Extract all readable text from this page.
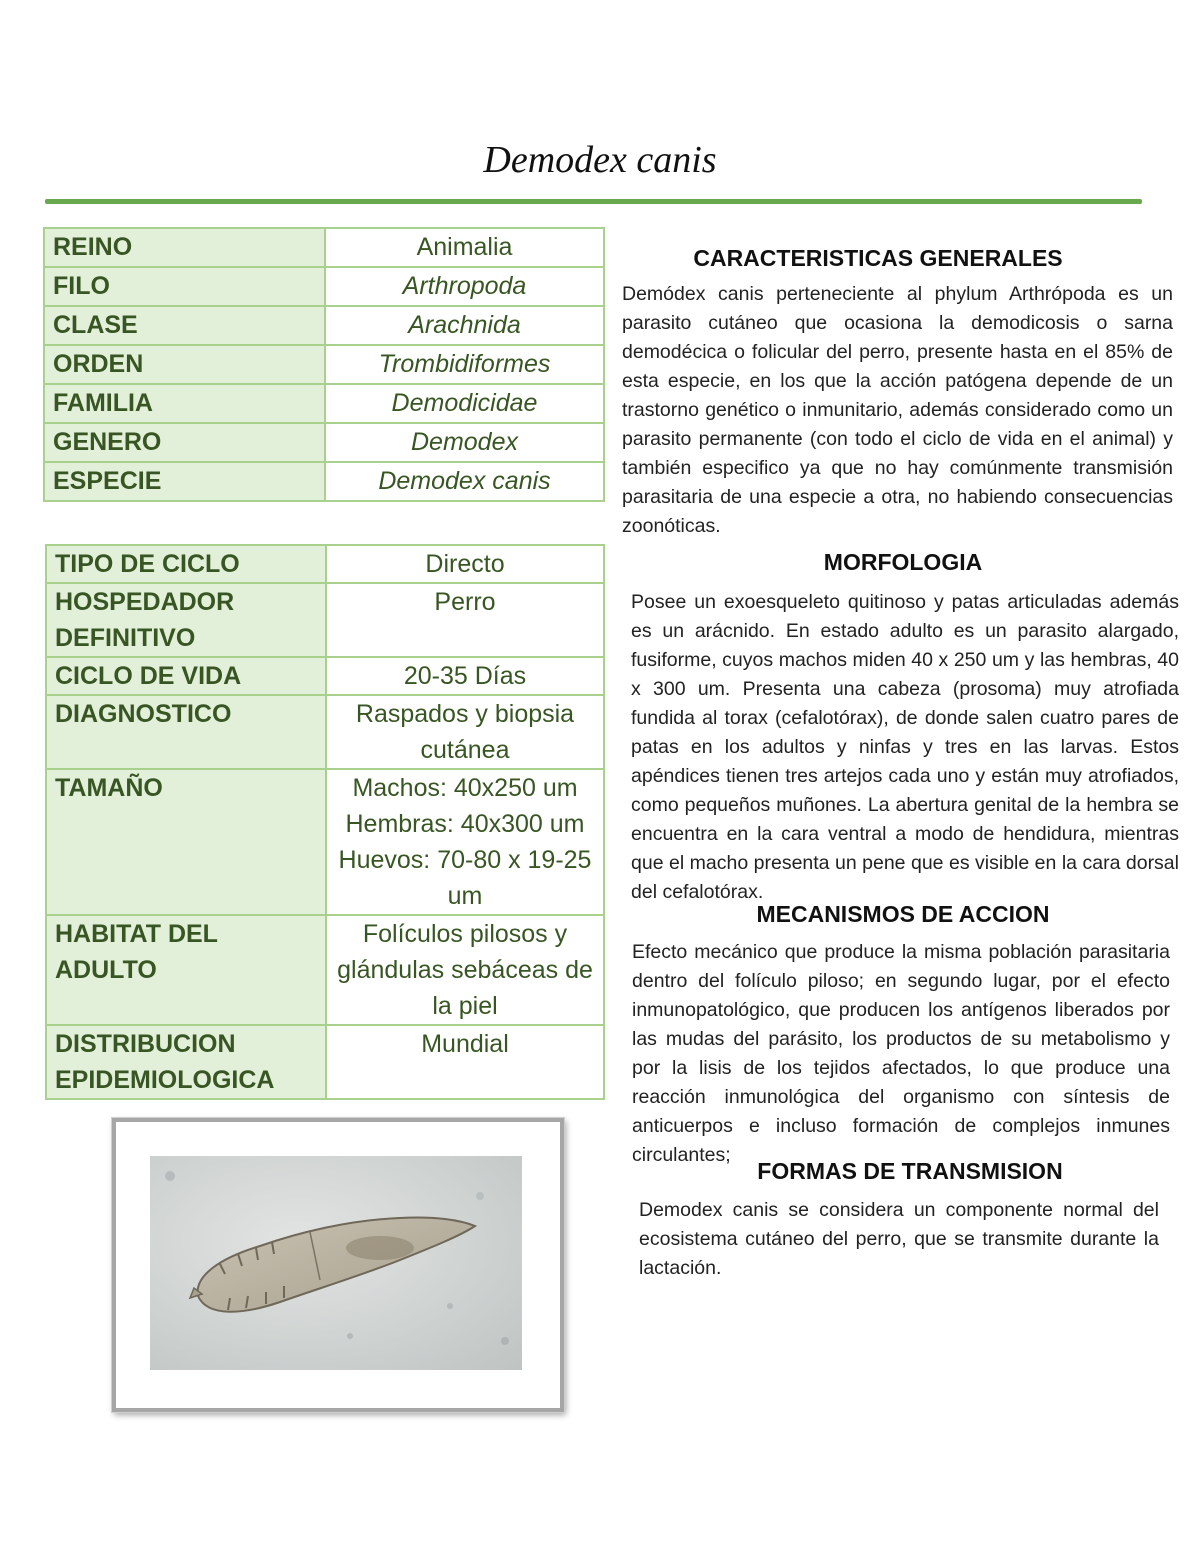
Demodex canis
REINO	Animalia
FILO	Arthropoda
CLASE	Arachnida
ORDEN	Trombidiformes
FAMILIA	Demodicidae
GENERO	Demodex
ESPECIE	Demodex canis
TIPO DE CICLO	Directo
HOSPEDADOR DEFINITIVO	Perro
CICLO DE VIDA	20-35 Días
DIAGNOSTICO	Raspados y biopsia cutánea
TAMAÑO	Machos: 40x250 um Hembras: 40x300 um Huevos: 70-80 x 19-25 um
HABITAT DEL ADULTO	Folículos pilosos y glándulas sebáceas de la piel
DISTRIBUCION EPIDEMIOLOGICA	Mundial
CARACTERISTICAS GENERALES
Demódex canis perteneciente al phylum Arthrópoda es un parasito cutáneo que ocasiona la demodicosis o sarna demodécica o folicular del perro, presente hasta en el 85% de esta especie, en los que la acción patógena depende de un trastorno genético o inmunitario, además considerado como un parasito permanente (con todo el ciclo de vida en el animal) y también especifico ya que no hay comúnmente transmisión parasitaria de una especie a otra, no habiendo consecuencias zoonóticas.
MORFOLOGIA
Posee un exoesqueleto quitinoso y patas articuladas además es un arácnido. En estado adulto es un parasito alargado, fusiforme, cuyos machos miden 40 x 250 um y las hembras, 40 x 300 um. Presenta una cabeza (prosoma) muy atrofiada fundida al torax (cefalotórax), de donde salen cuatro pares de patas en los adultos y ninfas y tres en las larvas. Estos apéndices tienen tres artejos cada uno y están muy atrofiados, como pequeños muñones. La abertura genital de la hembra se encuentra en la cara ventral a modo de hendidura, mientras que el macho presenta un pene que es visible en la cara dorsal del cefalotórax.
MECANISMOS DE ACCION
Efecto mecánico que produce la misma población parasitaria dentro del folículo piloso; en segundo lugar, por el efecto inmunopatológico, que producen los antígenos liberados por las mudas del parásito, los productos de su metabolismo y por la lisis de los tejidos afectados, lo que produce una reacción inmunológica del organismo con síntesis de anticuerpos e incluso formación de complejos inmunes circulantes;
FORMAS DE TRANSMISION
Demodex canis se considera un componente normal del ecosistema cutáneo del perro, que se transmite durante la lactación.
